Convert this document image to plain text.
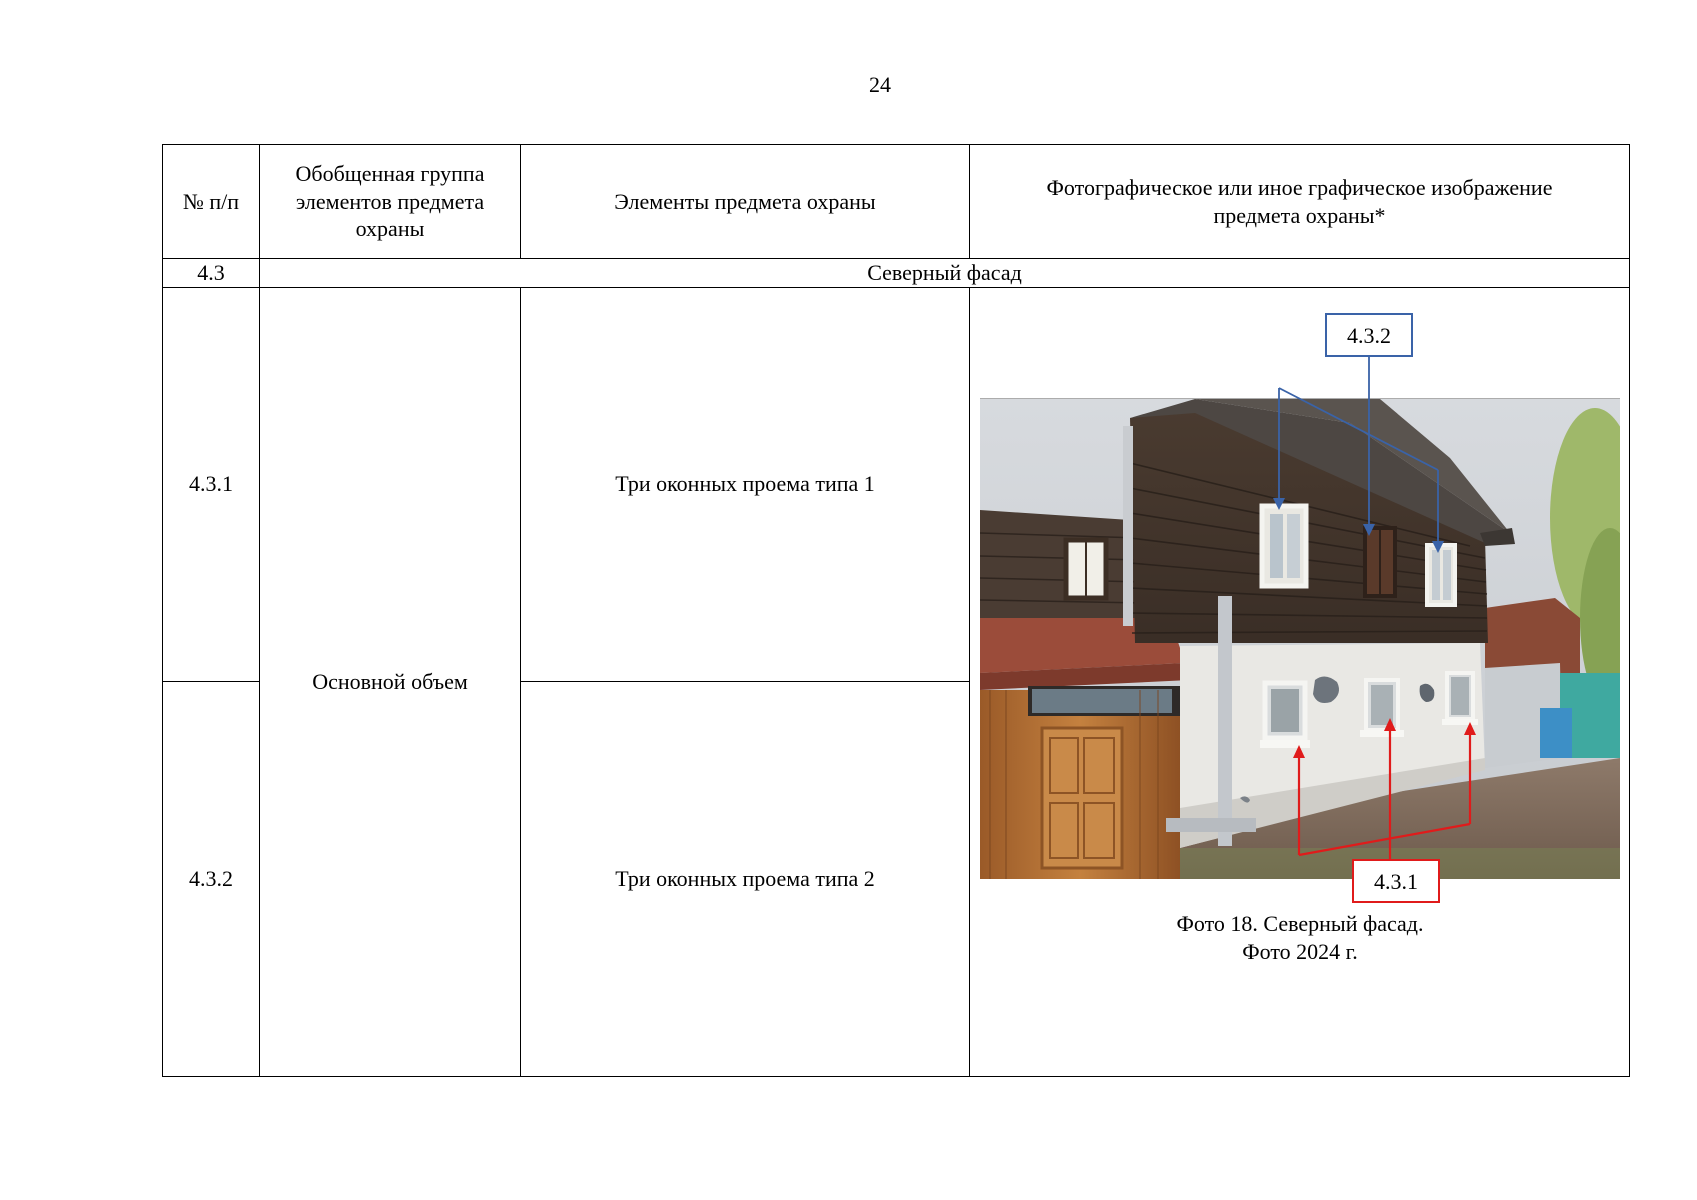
24
№ п/п	Обобщенная группа элементов предмета охраны	Элементы предмета охраны	Фотографическое или иное графическое изображение предмета охраны*
4.3	Северный фасад		
4.3.1	Основной объем	Три оконных проема типа 1	4.3.2
4.3.1
Фото 18. Северный фасад.
Фото 2024 г.

4.3.2		Три оконных проема типа 2	
